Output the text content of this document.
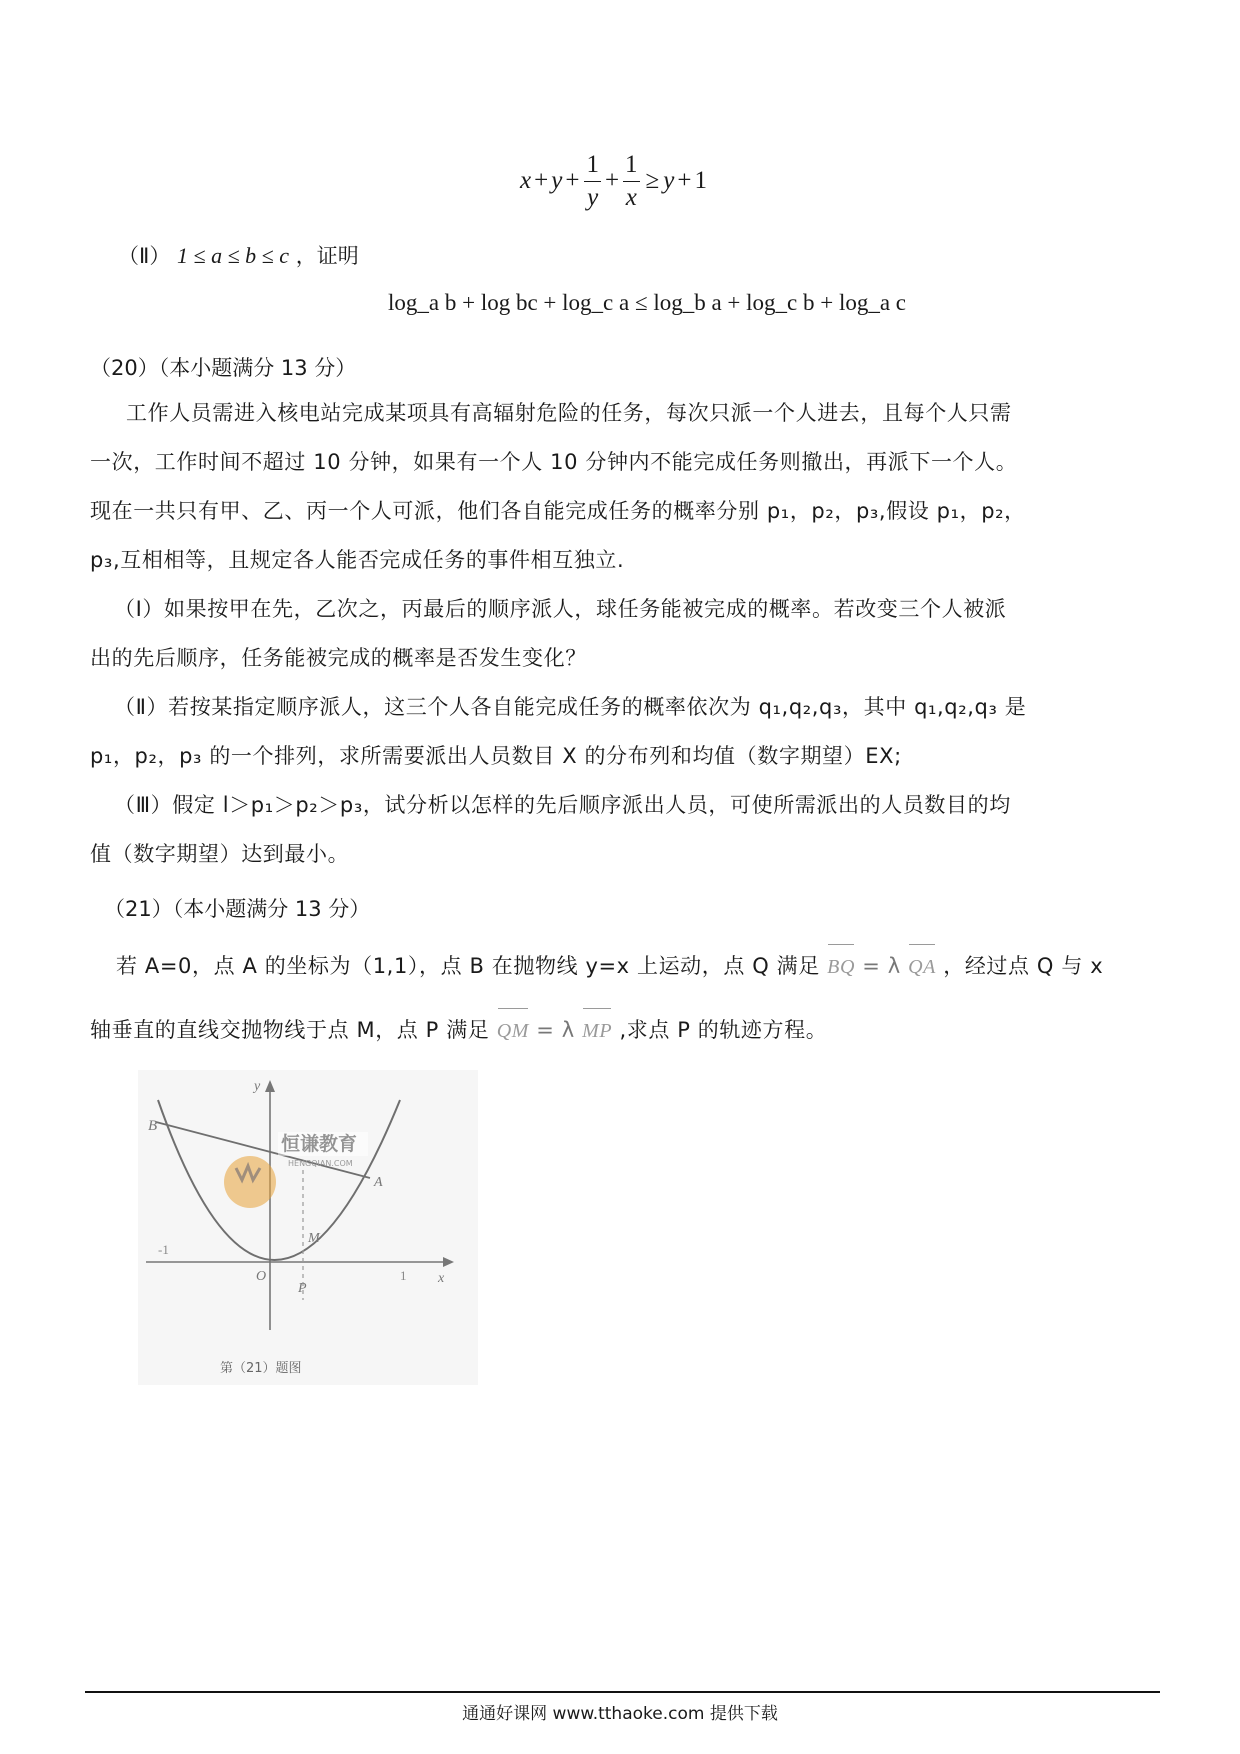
$x + y + \frac{1}{y} + \frac{1}{x} \ge y + 1$
（Ⅱ） 1 ≤ a ≤ b ≤ c ，证明
log_a b + log bc + log_c a ≤ log_b a + log_c b + log_a c
（20）（本小题满分 13 分）
工作人员需进入核电站完成某项具有高辐射危险的任务，每次只派一个人进去，且每个人只需
一次，工作时间不超过 10 分钟，如果有一个人 10 分钟内不能完成任务则撤出，再派下一个人。
现在一共只有甲、乙、丙一个人可派，他们各自能完成任务的概率分别 p₁，p₂，p₃,假设 p₁，p₂，
p₃,互相相等，且规定各人能否完成任务的事件相互独立.
（Ⅰ）如果按甲在先，乙次之，丙最后的顺序派人，球任务能被完成的概率。若改变三个人被派
出的先后顺序，任务能被完成的概率是否发生变化？
（Ⅱ）若按某指定顺序派人，这三个人各自能完成任务的概率依次为 q₁,q₂,q₃，其中 q₁,q₂,q₃ 是
p₁，p₂，p₃ 的一个排列，求所需要派出人员数目 X 的分布列和均值（数字期望）EX;
（Ⅲ）假定 l＞p₁＞p₂＞p₃，试分析以怎样的先后顺序派出人员，可使所需派出的人员数目的均
值（数字期望）达到最小。
（21）（本小题满分 13 分）
若 A=0，点 A 的坐标为（1,1），点 B 在抛物线 y=x 上运动，点 Q 满足 BQ = λ QA ，经过点 Q 与 x
轴垂直的直线交抛物线于点 M，点 P 满足 QM = λ MP ,求点 P 的轨迹方程。
恒谦教育
HENGQIAN.COM
B
A
y
x
O
M
P
-1
1
第（21）题图
通通好课网 www.tthaoke.com 提供下载
